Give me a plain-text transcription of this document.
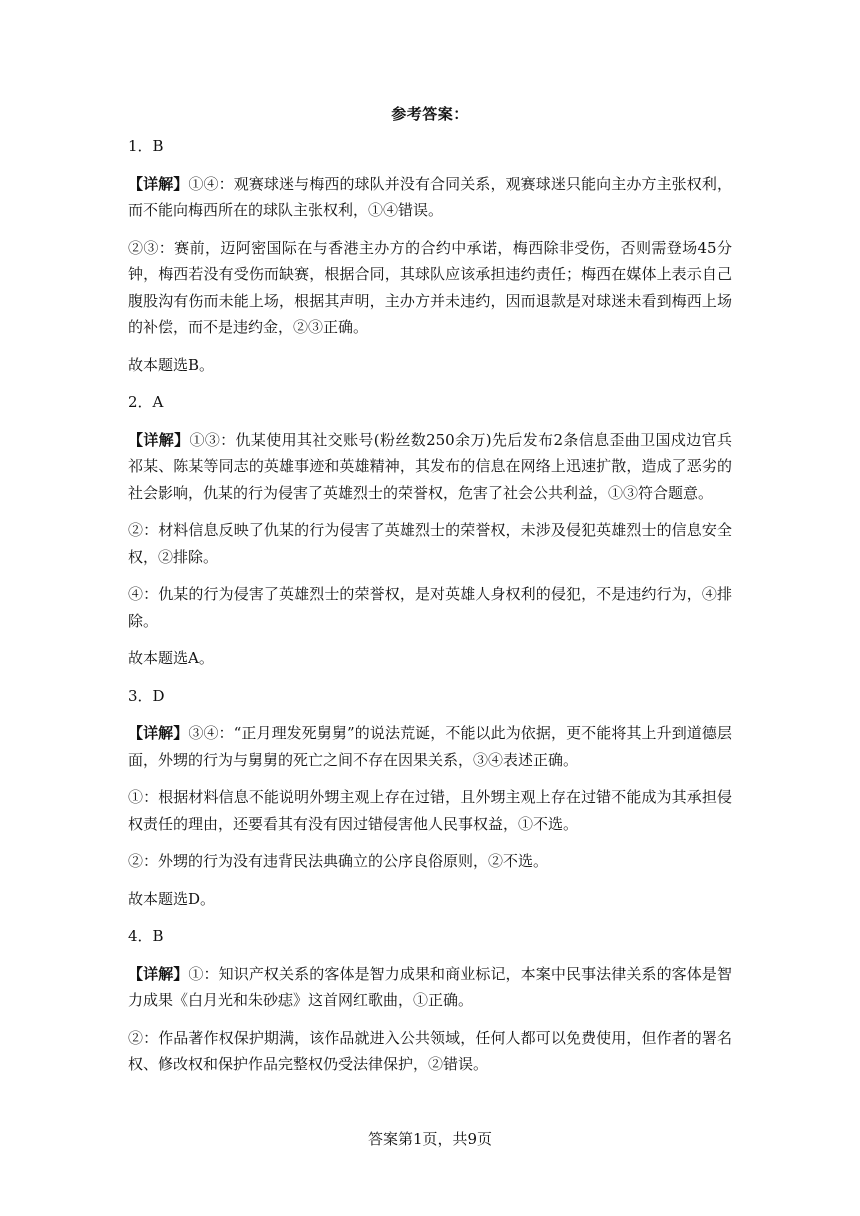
参考答案：
1．B
【详解】①④：观赛球迷与梅西的球队并没有合同关系，观赛球迷只能向主办方主张权利，而不能向梅西所在的球队主张权利，①④错误。
②③：赛前，迈阿密国际在与香港主办方的合约中承诺，梅西除非受伤，否则需登场45分钟，梅西若没有受伤而缺赛，根据合同，其球队应该承担违约责任；梅西在媒体上表示自己腹股沟有伤而未能上场，根据其声明，主办方并未违约，因而退款是对球迷未看到梅西上场的补偿，而不是违约金，②③正确。
故本题选B。
2．A
【详解】①③：仇某使用其社交账号(粉丝数250余万)先后发布2条信息歪曲卫国戍边官兵祁某、陈某等同志的英雄事迹和英雄精神，其发布的信息在网络上迅速扩散，造成了恶劣的社会影响，仇某的行为侵害了英雄烈士的荣誉权，危害了社会公共利益，①③符合题意。
②：材料信息反映了仇某的行为侵害了英雄烈士的荣誉权，未涉及侵犯英雄烈士的信息安全权，②排除。
④：仇某的行为侵害了英雄烈士的荣誉权，是对英雄人身权利的侵犯，不是违约行为，④排除。
故本题选A。
3．D
【详解】③④：“正月理发死舅舅”的说法荒诞，不能以此为依据，更不能将其上升到道德层面，外甥的行为与舅舅的死亡之间不存在因果关系，③④表述正确。
①：根据材料信息不能说明外甥主观上存在过错，且外甥主观上存在过错不能成为其承担侵权责任的理由，还要看其有没有因过错侵害他人民事权益，①不选。
②：外甥的行为没有违背民法典确立的公序良俗原则，②不选。
故本题选D。
4．B
【详解】①：知识产权关系的客体是智力成果和商业标记，本案中民事法律关系的客体是智力成果《白月光和朱砂痣》这首网红歌曲，①正确。
②：作品著作权保护期满，该作品就进入公共领域，任何人都可以免费使用，但作者的署名权、修改权和保护作品完整权仍受法律保护，②错误。
答案第1页，共9页
